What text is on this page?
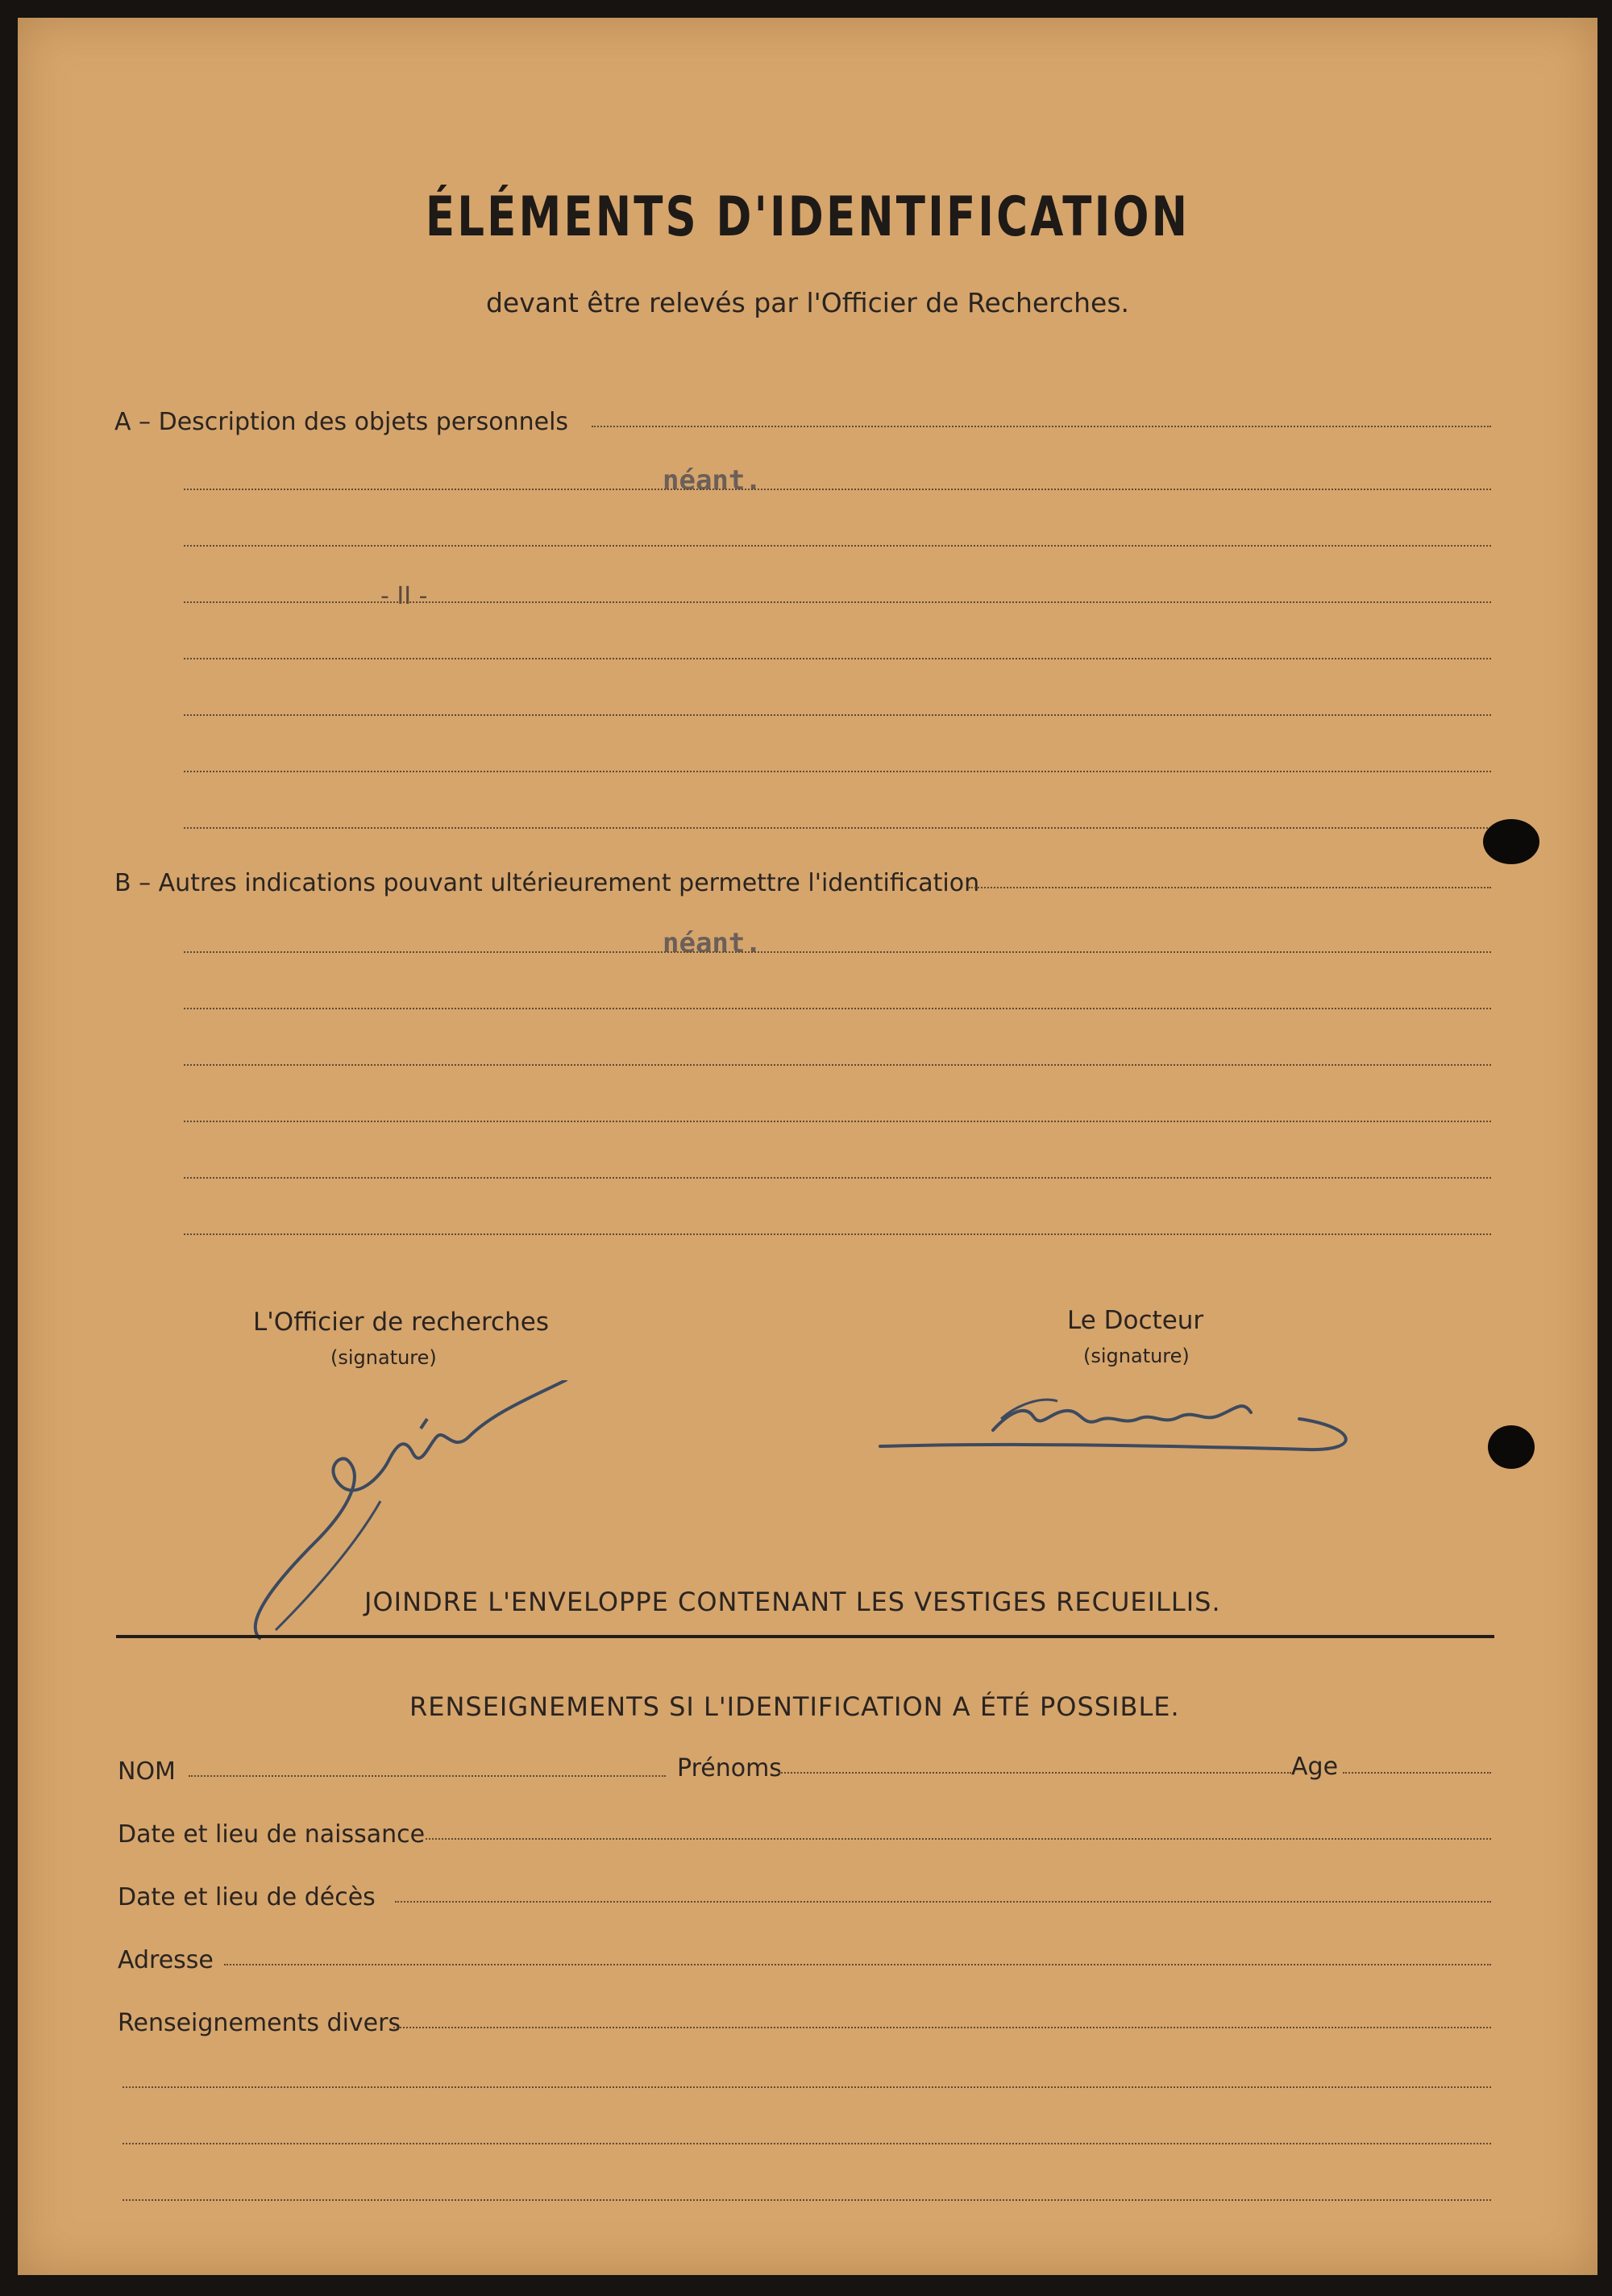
ÉLÉMENTS D'IDENTIFICATION
devant être relevés par l'Officier de Recherches.
A – Description des objets personnels
néant.
- II -
B – Autres indications pouvant ultérieurement permettre l'identification
néant.
L'Officier de recherches
(signature)
Le Docteur
(signature)
JOINDRE L'ENVELOPPE CONTENANT LES VESTIGES RECUEILLIS.
RENSEIGNEMENTS SI L'IDENTIFICATION A ÉTÉ POSSIBLE.
NOM	Prénoms	Age
Date et lieu de naissance
Date et lieu de décès
Adresse
Renseignements divers
